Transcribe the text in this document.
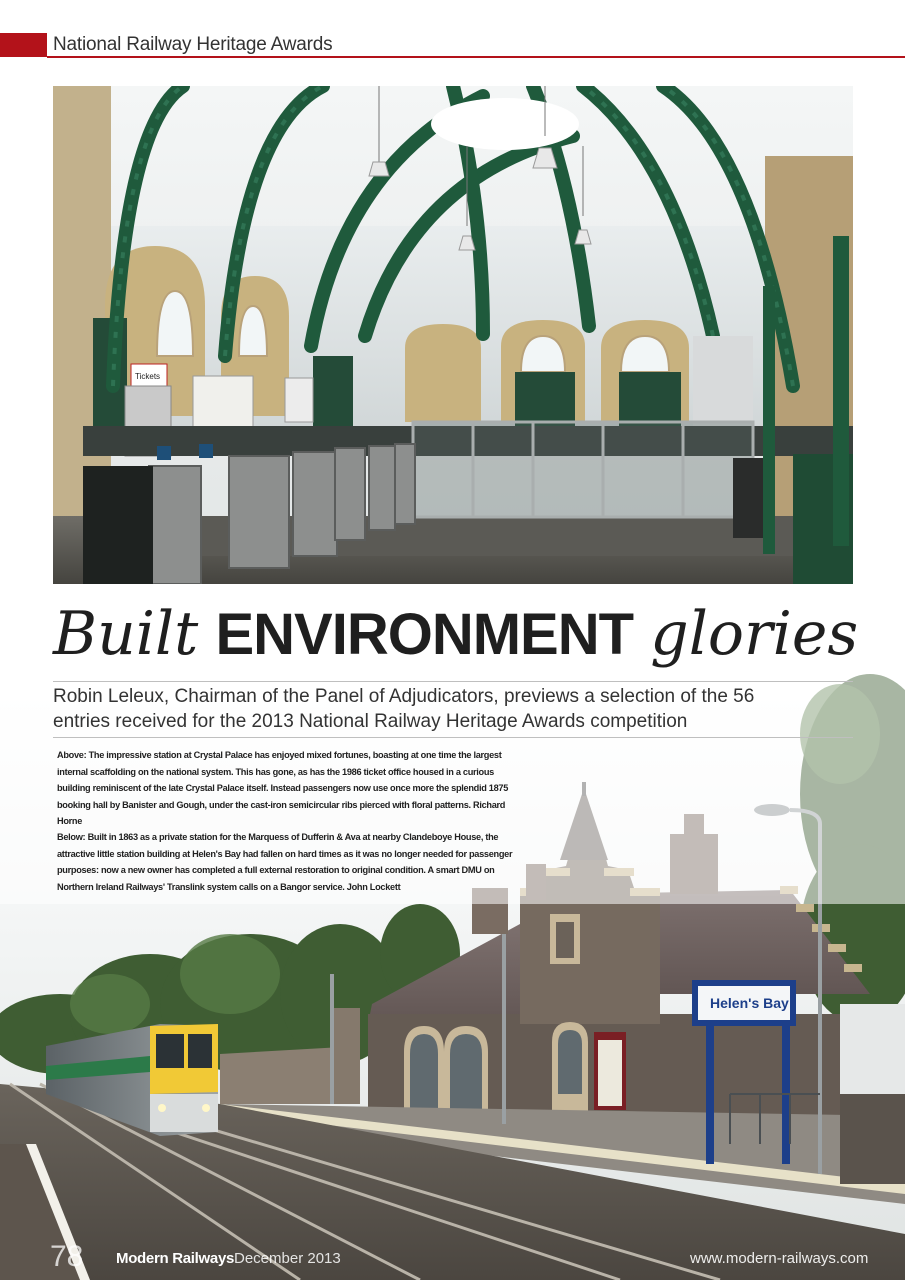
National Railway Heritage Awards
Tickets
Helen's Bay
Built ENVIRONMENT glories
Robin Leleux, Chairman of the Panel of Adjudicators, previews a selection of the 56 entries received for the 2013 National Railway Heritage Awards competition
Above: The impressive station at Crystal Palace has enjoyed mixed fortunes, boasting at one time the largest internal scaffolding on the national system. This has gone, as has the 1986 ticket office housed in a curious building reminiscent of the late Crystal Palace itself. Instead passengers now use once more the splendid 1875 booking hall by Banister and Gough, under the cast-iron semicircular ribs pierced with floral patterns. Richard Horne
Below: Built in 1863 as a private station for the Marquess of Dufferin & Ava at nearby Clandeboye House, the attractive little station building at Helen's Bay had fallen on hard times as it was no longer needed for passenger purposes: now a new owner has completed a full external restoration to original condition. A smart DMU on Northern Ireland Railways' Translink system calls on a Bangor service. John Lockett
78 Modern Railways December 2013	www.modern-railways.com
